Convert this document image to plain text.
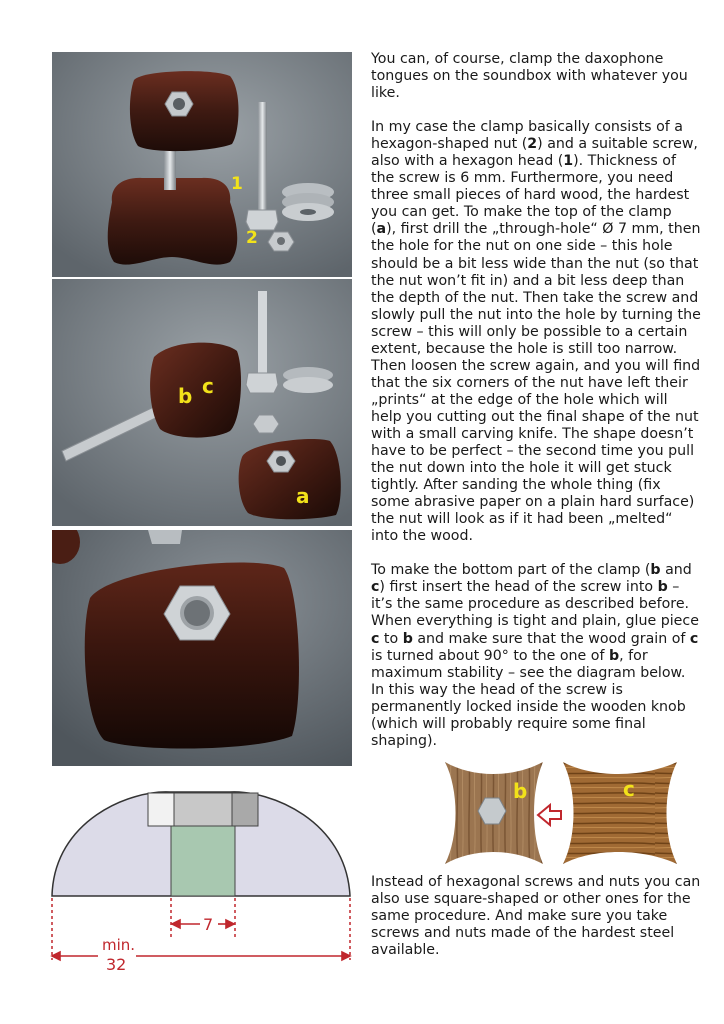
1
2
b c
a

You can, of course, clamp the daxophone tongues on the soundbox with whatever you like.

In my case the clamp basically consists of a hexagon-shaped nut (2) and a suitable screw, also with a hexagon head (1). Thickness of the screw is 6 mm. Furthermore, you need three small pieces of hard wood, the hardest you can get. To make the top of the clamp (a), first drill the „through-hole“ Ø 7 mm, then the hole for the nut on one side – this hole should be a bit less wide than the nut (so that the nut won’t fit in) and a bit less deep than the depth of the nut. Then take the screw and slowly pull the nut into the hole by turning the screw – this will only be possible to a certain extent, because the hole is still too narrow. Then loosen the screw again, and you will find that the six corners of the nut have left their „prints“ at the edge of the hole which will help you cutting out the final shape of the nut with a small carving knife. The shape doesn’t have to be perfect – the second time you pull the nut down into the hole it will get stuck tightly. After sanding the whole thing (fix some abrasive paper on a plain hard surface) the nut will look as if it had been „melted“ into the wood.

To make the bottom part of the clamp (b and c) first insert the head of the screw into b – it’s the same procedure as described before. When everything is tight and plain, glue piece c to b and make sure that the wood grain of c is turned about 90° to the one of b, for maximum stability – see the diagram below. In this way the head of the screw is permanently locked inside the wooden knob (which will probably require some final shaping).

Instead of hexagonal screws and nuts you can also use square-shaped or other ones for the same procedure. And make sure you take screws and nuts made of the hardest steel available.

b	c
7
min.
32
